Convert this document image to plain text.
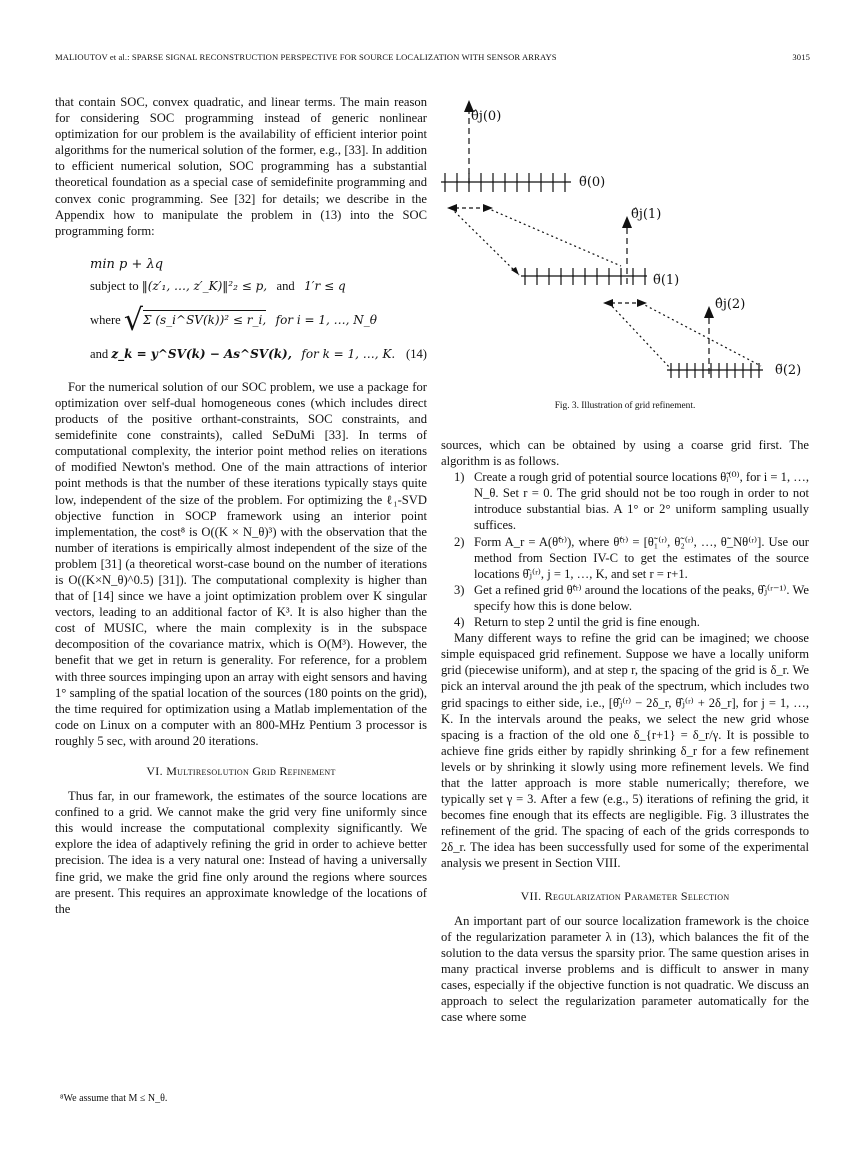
MALIOUTOV et al.: SPARSE SIGNAL RECONSTRUCTION PERSPECTIVE FOR SOURCE LOCALIZATION WITH SENSOR ARRAYS	3015

that contain SOC, convex quadratic, and linear terms. The main reason for considering SOC programming instead of generic nonlinear optimization for our problem is the availability of efficient interior point algorithms for the numerical solution of the former, e.g., [33]. In addition to efficient numerical solution, SOC programming has a substantial theoretical foundation as a special case of semidefinite programming and convex conic programming. See [32] for details; we describe in the Appendix how to manipulate the problem in (13) into the SOC programming form:

min p + λq
subject to ‖(z′₁, …, z′_K)‖²₂ ≤ p, and 1′r ≤ q
where √Σ (s_i^SV(k))² ≤ r_i, for i = 1, …, N_θ
and z_k = y^SV(k) − As^SV(k), for k = 1, …, K. (14)

For the numerical solution of our SOC problem, we use a package for optimization over self-dual homogeneous cones (which includes direct products of the positive orthant-constraints, SOC constraints, and semidefinite cone constraints), called SeDuMi [33]. In terms of computational complexity, the interior point method relies on iterations of modified Newton's method. One of the main attractions of interior point methods is that the number of these iterations typically stays quite low, independent of the size of the problem. For optimizing the ℓ₁-SVD objective function in SOCP framework using an interior point implementation, the cost⁸ is O((K × N_θ)³) with the observation that the number of iterations is empirically almost independent of the size of the problem [31] (a theoretical worst-case bound on the number of iterations is O((K×N_θ)^0.5) [31]). The computational complexity is higher than that of [14] since we have a joint optimization problem over K singular vectors, leading to an additional factor of K³. It is also higher than the cost of MUSIC, where the main complexity is in the subspace decomposition of the covariance matrix, which is O(M³). However, the benefit that we get in return is generality. For reference, for a problem with three sources impinging upon an array with eight sensors and having 1° sampling of the spatial location of the sources (180 points on the grid), the time required for optimization using a Matlab implementation of the code on Linux on a computer with an 800-MHz Pentium 3 processor is roughly 5 sec, with around 20 iterations.

VI. Multiresolution Grid Refinement

Thus far, in our framework, the estimates of the source locations are confined to a grid. We cannot make the grid very fine uniformly since this would increase the computational complexity significantly. We explore the idea of adaptively refining the grid in order to achieve better precision. The idea is a very natural one: Instead of having a universally fine grid, we make the grid fine only around the regions where sources are present. This requires an approximate knowledge of the locations of the

⁸We assume that M ≤ N_θ.
θ̂j(0)
θ̃(0)
θ̂j(1)
θ̃(1)
θ̂j(2)
θ̃(2)
Fig. 3. Illustration of grid refinement.

sources, which can be obtained by using a coarse grid first. The algorithm is as follows.

1) Create a rough grid of potential source locations θ̃ᵢ⁽⁰⁾, for i = 1, …, N_θ. Set r = 0. The grid should not be too rough in order to not introduce substantial bias. A 1° or 2° uniform sampling usually suffices.
2) Form A_r = A(θ̃⁽ʳ⁾), where θ̃⁽ʳ⁾ = [θ̃₁⁽ʳ⁾, θ̃₂⁽ʳ⁾, …, θ̃_Nθ⁽ʳ⁾]. Use our method from Section IV-C to get the estimates of the source locations θ̂ⱼ⁽ʳ⁾, j = 1, …, K, and set r = r+1.
3) Get a refined grid θ̃⁽ʳ⁾ around the locations of the peaks, θ̂ⱼ⁽ʳ⁻¹⁾. We specify how this is done below.
4) Return to step 2 until the grid is fine enough.

Many different ways to refine the grid can be imagined; we choose simple equispaced grid refinement. Suppose we have a locally uniform grid (piecewise uniform), and at step r, the spacing of the grid is δ_r. We pick an interval around the jth peak of the spectrum, which includes two grid spacings to either side, i.e., [θ̂ⱼ⁽ʳ⁾ − 2δ_r, θ̂ⱼ⁽ʳ⁾ + 2δ_r], for j = 1, …, K. In the intervals around the peaks, we select the new grid whose spacing is a fraction of the old one δ_{r+1} = δ_r/γ. It is possible to achieve fine grids either by rapidly shrinking δ_r for a few refinement levels or by shrinking it slowly using more refinement levels. We find that the latter approach is more stable numerically; therefore, we typically set γ = 3. After a few (e.g., 5) iterations of refining the grid, it becomes fine enough that its effects are negligible. Fig. 3 illustrates the refinement of the grid. The spacing of each of the grids corresponds to 2δ_r. The idea has been successfully used for some of the experimental analysis we present in Section VIII.

VII. Regularization Parameter Selection

An important part of our source localization framework is the choice of the regularization parameter λ in (13), which balances the fit of the solution to the data versus the sparsity prior. The same question arises in many practical inverse problems and is difficult to answer in many cases, especially if the objective function is not quadratic. We discuss an approach to select the regularization parameter automatically for the case where some
